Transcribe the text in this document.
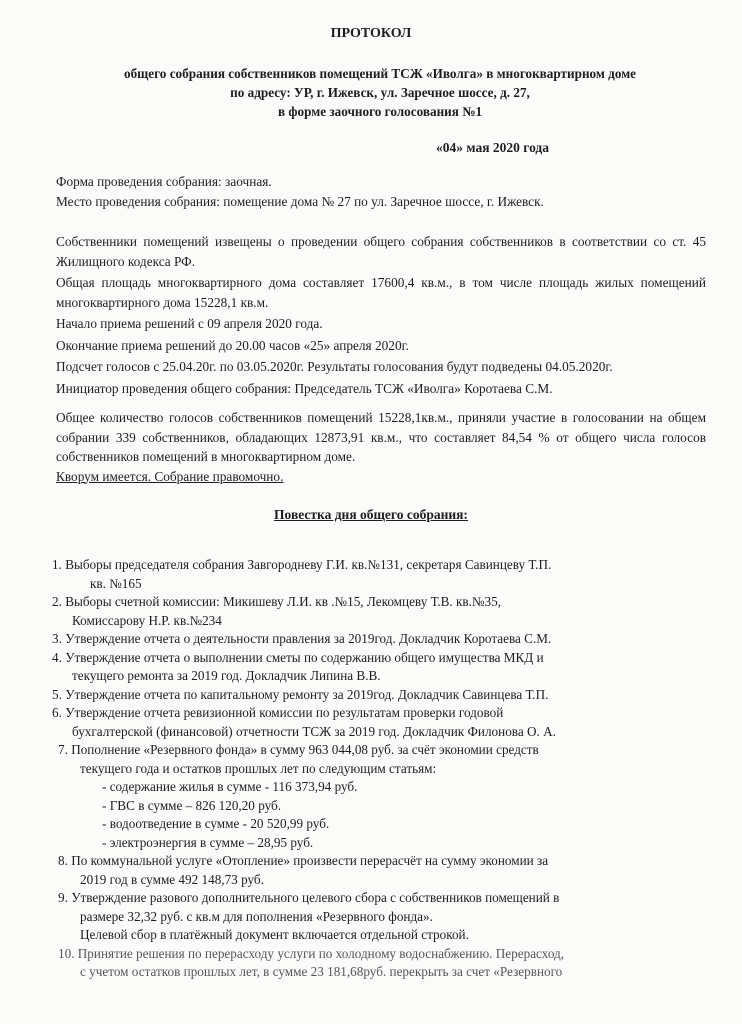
ПРОТОКОЛ
общего собрания собственников помещений ТСЖ «Иволга» в многоквартирном доме
по адресу: УР, г. Ижевск, ул. Заречное шоссе, д. 27,
в форме заочного голосования №1
«04» мая 2020 года

Форма проведения собрания: заочная.

Место проведения собрания: помещение дома № 27 по ул. Заречное шоссе, г. Ижевск.

Собственники помещений извещены о проведении общего собрания собственников в соответствии со ст. 45 Жилищного кодекса РФ.

Общая площадь многоквартирного дома составляет 17600,4 кв.м., в том числе площадь жилых помещений многоквартирного дома 15228,1 кв.м.

Начало приема решений с 09 апреля 2020 года.

Окончание приема решений до 20.00 часов «25» апреля 2020г.

Подсчет голосов с 25.04.20г. по 03.05.2020г. Результаты голосования будут подведены 04.05.2020г.

Инициатор проведения общего собрания: Председатель ТСЖ «Иволга» Коротаева С.М.

Общее количество голосов собственников помещений 15228,1кв.м., приняли участие в голосовании на общем собрании 339 собственников, обладающих 12873,91 кв.м., что составляет 84,54 % от общего числа голосов собственников помещений в многоквартирном доме.

Кворум имеется. Собрание правомочно.

Повестка дня общего собрания:
1. Выборы председателя собрания Завгородневу Г.И. кв.№131, секретаря Савинцеву Т.П.
кв. №165
2. Выборы счетной комиссии: Микишеву Л.И. кв .№15, Лекомцеву Т.В. кв.№35,
Комиссарову Н.Р. кв.№234
3. Утверждение отчета о деятельности правления за 2019год. Докладчик Коротаева С.М.
4. Утверждение отчета о выполнении сметы по содержанию общего имущества МКД и
текущего ремонта за 2019 год. Докладчик Липина В.В.
5. Утверждение отчета по капитальному ремонту за 2019год. Докладчик Савинцева Т.П.
6. Утверждение отчета ревизионной комиссии по результатам проверки годовой
бухгалтерской (финансовой) отчетности ТСЖ за 2019 год. Докладчик Филонова О. А.
7. Пополнение «Резервного фонда» в сумму 963 044,08 руб. за счёт экономии средств
текущего года и остатков прошлых лет по следующим статьям:
- содержание жилья в сумме - 116 373,94 руб.
- ГВС в сумме – 826 120,20 руб.
- водоотведение в сумме - 20 520,99 руб.
- электроэнергия в сумме – 28,95 руб.
8. По коммунальной услуге «Отопление» произвести перерасчёт на сумму экономии за
2019 год в сумме 492 148,73 руб.
9. Утверждение разового дополнительного целевого сбора с собственников помещений в
размере 32,32 руб. с кв.м для пополнения «Резервного фонда».
Целевой сбор в платёжный документ включается отдельной строкой.
10. Принятие решения по перерасходу услуги по холодному водоснабжению. Перерасход,
с учетом остатков прошлых лет, в сумме 23 181,68руб. перекрыть за счет «Резервного
